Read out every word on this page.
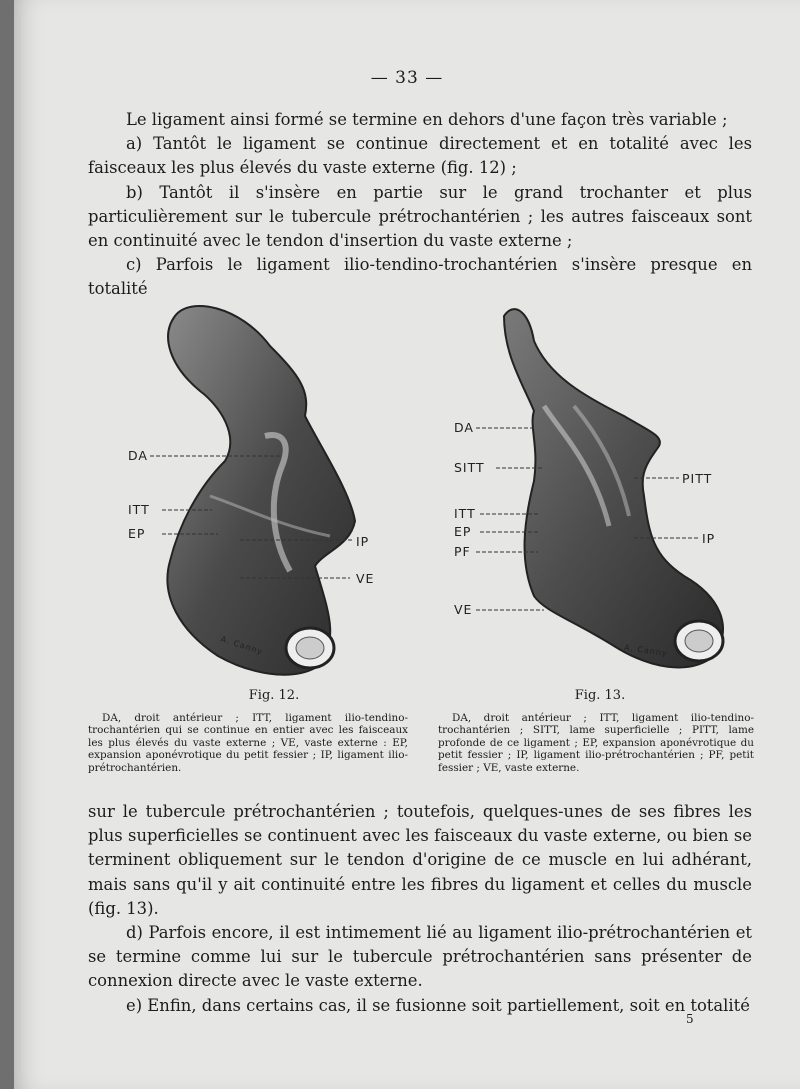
— 33 —

Le ligament ainsi formé se termine en dehors d'une façon très variable ;

a) Tantôt le ligament se continue directement et en totalité avec les faisceaux les plus élevés du vaste externe (fig. 12) ;

b) Tantôt il s'insère en partie sur le grand trochanter et plus particulièrement sur le tubercule prétrochantérien ; les autres faisceaux sont en continuité avec le tendon d'insertion du vaste externe ;

c) Parfois le ligament ilio-tendino-trochantérien s'insère presque en totalité

DA
ITT
EP
IP
VE
A. Canny
Fig. 12.
DA, droit antérieur ; ITT, ligament ilio-tendino-trochantérien qui se continue en entier avec les faisceaux les plus élevés du vaste externe ; VE, vaste externe : EP, expansion aponévrotique du petit fessier ; IP, ligament ilio-prétrochantérien.
DA
SITT
PITT
ITT
EP	IP
PF
VE
A. Canny
Fig. 13.
DA, droit antérieur ; ITT, ligament ilio-tendino-trochantérien ; SITT, lame superficielle ; PITT, lame profonde de ce ligament ; EP, expansion aponévrotique du petit fessier ; IP, ligament ilio-prétrochantérien ; PF, petit fessier ; VE, vaste externe.

sur le tubercule prétrochantérien ; toutefois, quelques-unes de ses fibres les plus superficielles se continuent avec les faisceaux du vaste externe, ou bien se terminent obliquement sur le tendon d'origine de ce muscle en lui adhérant, mais sans qu'il y ait continuité entre les fibres du ligament et celles du muscle (fig. 13).

d) Parfois encore, il est intimement lié au ligament ilio-prétrochantérien et se termine comme lui sur le tubercule prétrochantérien sans présenter de connexion directe avec le vaste externe.

e) Enfin, dans certains cas, il se fusionne soit partiellement, soit en totalité

5
